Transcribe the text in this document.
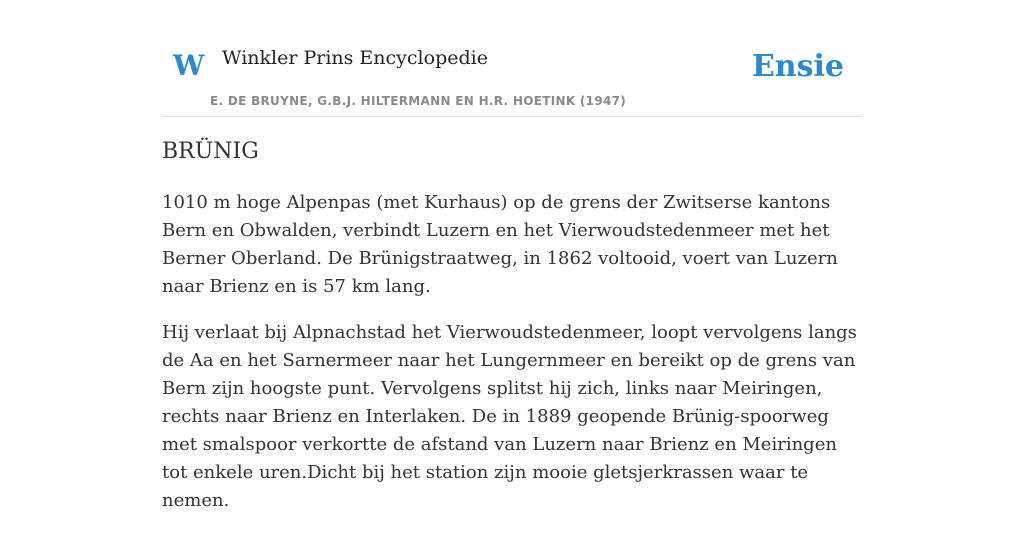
W Winkler Prins Encyclopedie
E. DE BRUYNE, G.B.J. HILTERMANN EN H.R. HOETINK (1947)
Ensie
BRÜNIG

1010 m hoge Alpenpas (met Kurhaus) op de grens der Zwitserse kantons Bern en Obwalden, verbindt Luzern en het Vierwoudstedenmeer met het Berner Oberland. De Brünigstraatweg, in 1862 voltooid, voert van Luzern naar Brienz en is 57 km lang.

Hij verlaat bij Alpnachstad het Vierwoudstedenmeer, loopt vervolgens langs de Aa en het Sarnermeer naar het Lungernmeer en bereikt op de grens van Bern zijn hoogste punt. Vervolgens splitst hij zich, links naar Meiringen, rechts naar Brienz en Interlaken. De in 1889 geopende Brünig-spoorweg met smalspoor verkortte de afstand van Luzern naar Brienz en Meiringen tot enkele uren.Dicht bij het station zijn mooie gletsjerkrassen waar te nemen.
